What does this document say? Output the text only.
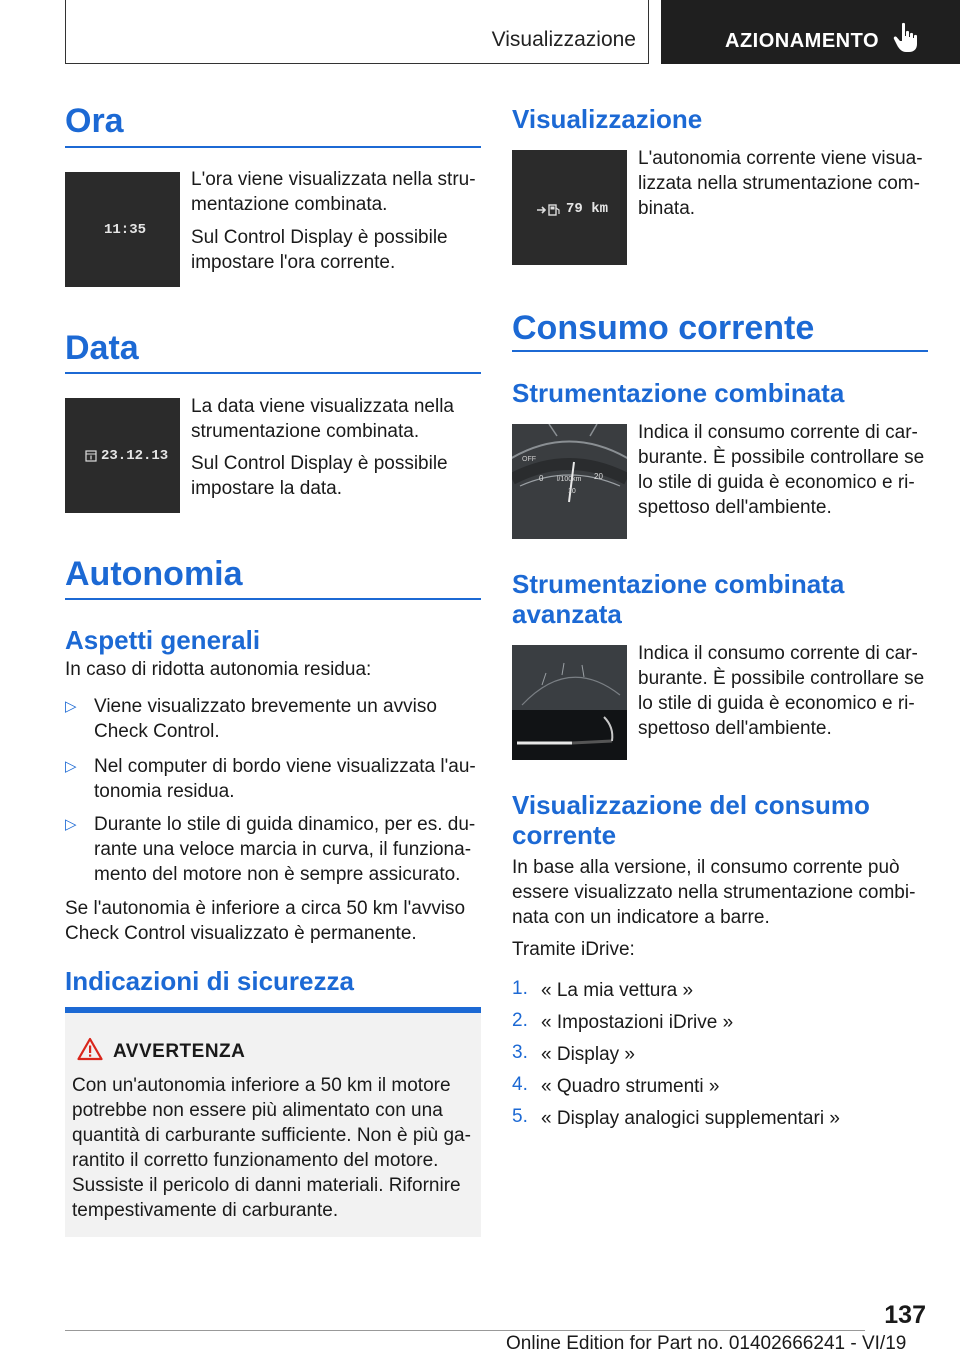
Visualizzazione	AZIONAMENTO
Ora
11:35
L'ora viene visualizzata nella stru-
mentazione combinata.
Sul Control Display è possibile
impostare l'ora corrente.
Data
23.12.13
La data viene visualizzata nella
strumentazione combinata.
Sul Control Display è possibile
impostare la data.
Autonomia
Aspetti generali
In caso di ridotta autonomia residua:
▷ Viene visualizzato brevemente un avviso
Check Control.
▷ Nel computer di bordo viene visualizzata l'au-
tonomia residua.
▷ Durante lo stile di guida dinamico, per es. du-
rante una veloce marcia in curva, il funziona-
mento del motore non è sempre assicurato.
Se l'autonomia è inferiore a circa 50 km l'avviso
Check Control visualizzato è permanente.
Indicazioni di sicurezza
AVVERTENZA
Con un'autonomia inferiore a 50 km il motore
potrebbe non essere più alimentato con una
quantità di carburante sufficiente. Non è più ga-
rantito il corretto funzionamento del motore.
Sussiste il pericolo di danni materiali. Rifornire
tempestivamente di carburante.
Visualizzazione
79 km
L'autonomia corrente viene visua-
lizzata nella strumentazione com-
binata.
Consumo corrente
Strumentazione combinata
OFF
0 l/100km
10
20
Indica il consumo corrente di car-
burante. È possibile controllare se
lo stile di guida è economico e ri-
spettoso dell'ambiente.
Strumentazione combinata
avanzata
Indica il consumo corrente di car-
burante. È possibile controllare se
lo stile di guida è economico e ri-
spettoso dell'ambiente.
Visualizzazione del consumo
corrente
In base alla versione, il consumo corrente può
essere visualizzato nella strumentazione combi-
nata con un indicatore a barre.
Tramite iDrive:
1. « La mia vettura »
2. « Impostazioni iDrive »
3. « Display »
4. « Quadro strumenti »
5. « Display analogici supplementari »
137
Online Edition for Part no. 01402666241 - VI/19
